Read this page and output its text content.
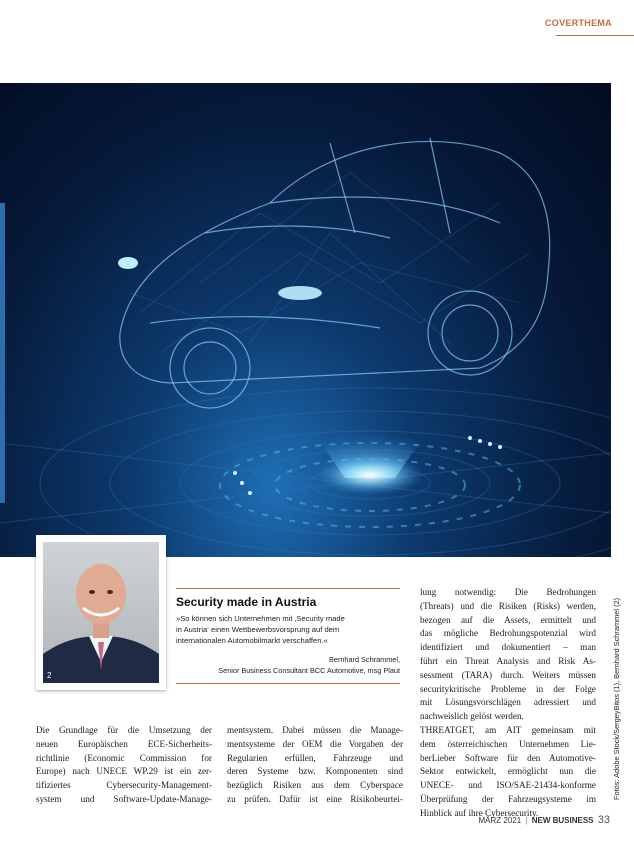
COVERTHEMA
2
Security made in Austria
»So können sich Unternehmen mit ‚Security made
in Austria‘ einen Wettbewerbsvorsprung auf dem
internationalen Automobilmarkt verschaffen.«
Bernhard Schrammel,
Senior Business Consultant BCC Automotive, msg Plaut

Die Grundlage für die Umsetzung der

neuen Europäischen ECE-Sicherheits-

richtlinie (Economic Commission for

Europe) nach UNECE WP.29 ist ein zer-

tifiziertes Cybersecurity-Management-

system und Software-Update-Manage-

mentsystem. Dabei müssen die Manage-

mentsysteme der OEM die Vorgaben der

Regularien erfüllen, Fahrzeuge und

deren Systeme bzw. Komponenten sind

bezüglich Risiken aus dem Cyberspace

zu prüfen. Dafür ist eine Risikobeurtei-

lung notwendig: Die Bedrohungen

(Threats) und die Risiken (Risks) werden,

bezogen auf die Assets, ermittelt und

das mögliche Bedrohungspotenzial wird

identifiziert und dokumentiert – man

führt ein Threat Analysis and Risk As-

sessment (TARA) durch. Weiters müssen

securitykritische Probleme in der Folge

mit Lösungsvorschlägen adressiert und

nachweislich gelöst werden.

THREATGET, am AIT gemeinsam mit

dem österreichischen Unternehmen Lie-

berLieber Software für den Automotive-

Sektor entwickelt, ermöglicht nun die

UNECE- und ISO/SAE-21434-konforme

Überprüfung der Fahrzeugsysteme im

Hinblick auf ihre Cybersecurity.

Fotos: Adobe Stock/SergeyBitos (1), Bernhard Schrammel (2)
MÄRZ 2021 | NEW BUSINESS 33
